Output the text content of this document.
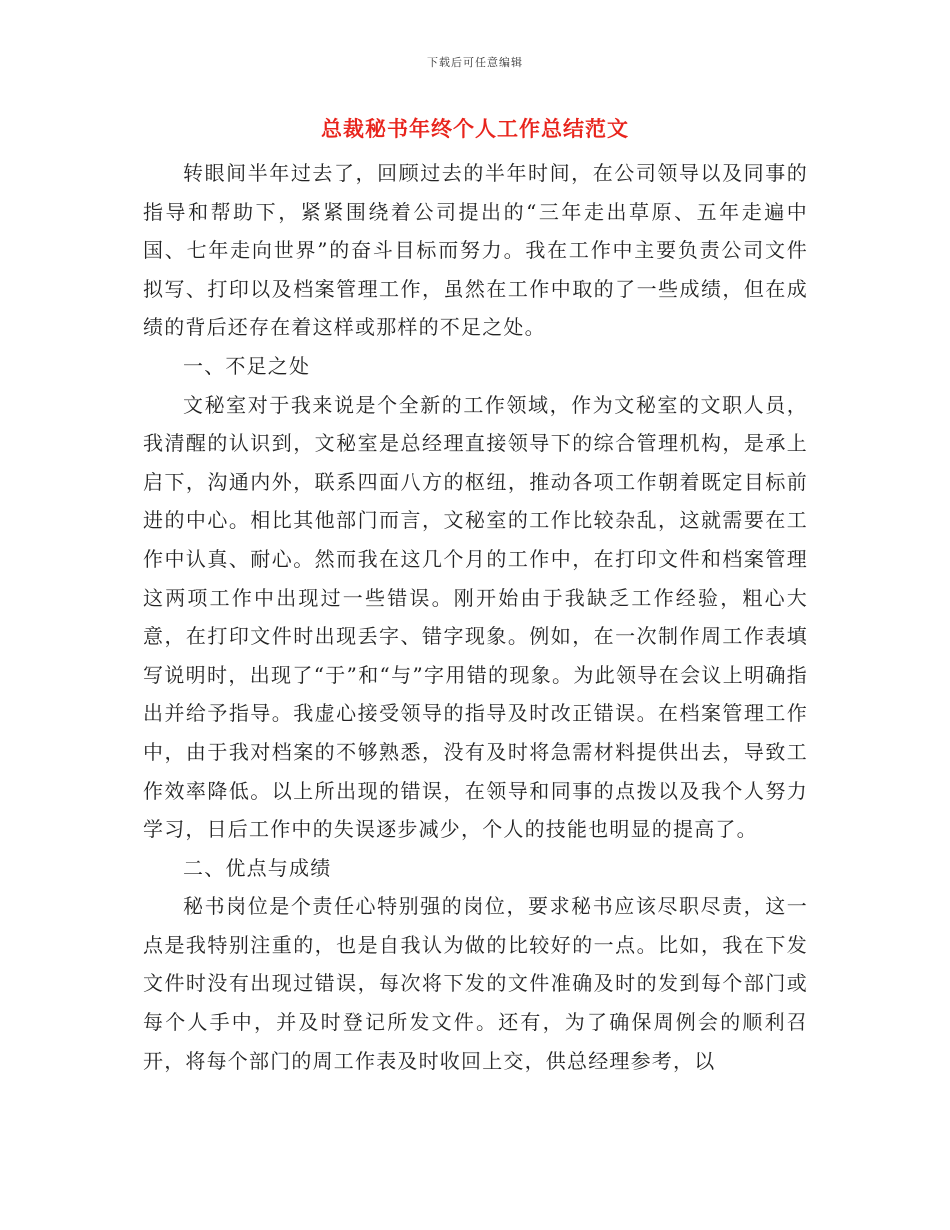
下载后可任意编辑
总裁秘书年终个人工作总结范文

转眼间半年过去了，回顾过去的半年时间，在公司领导以及同事的指导和帮助下，紧紧围绕着公司提出的“三年走出草原、五年走遍中国、七年走向世界”的奋斗目标而努力。我在工作中主要负责公司文件拟写、打印以及档案管理工作，虽然在工作中取的了一些成绩，但在成绩的背后还存在着这样或那样的不足之处。

一、不足之处

文秘室对于我来说是个全新的工作领域，作为文秘室的文职人员，我清醒的认识到，文秘室是总经理直接领导下的综合管理机构，是承上启下，沟通内外，联系四面八方的枢纽，推动各项工作朝着既定目标前进的中心。相比其他部门而言，文秘室的工作比较杂乱，这就需要在工作中认真、耐心。然而我在这几个月的工作中，在打印文件和档案管理这两项工作中出现过一些错误。刚开始由于我缺乏工作经验，粗心大意，在打印文件时出现丢字、错字现象。例如，在一次制作周工作表填写说明时，出现了“于”和“与”字用错的现象。为此领导在会议上明确指出并给予指导。我虚心接受领导的指导及时改正错误。在档案管理工作中，由于我对档案的不够熟悉，没有及时将急需材料提供出去，导致工作效率降低。以上所出现的错误，在领导和同事的点拨以及我个人努力学习，日后工作中的失误逐步减少，个人的技能也明显的提高了。

二、优点与成绩

秘书岗位是个责任心特别强的岗位，要求秘书应该尽职尽责，这一点是我特别注重的，也是自我认为做的比较好的一点。比如，我在下发文件时没有出现过错误，每次将下发的文件准确及时的发到每个部门或每个人手中，并及时登记所发文件。还有，为了确保周例会的顺利召开，将每个部门的周工作表及时收回上交，供总经理参考，以
